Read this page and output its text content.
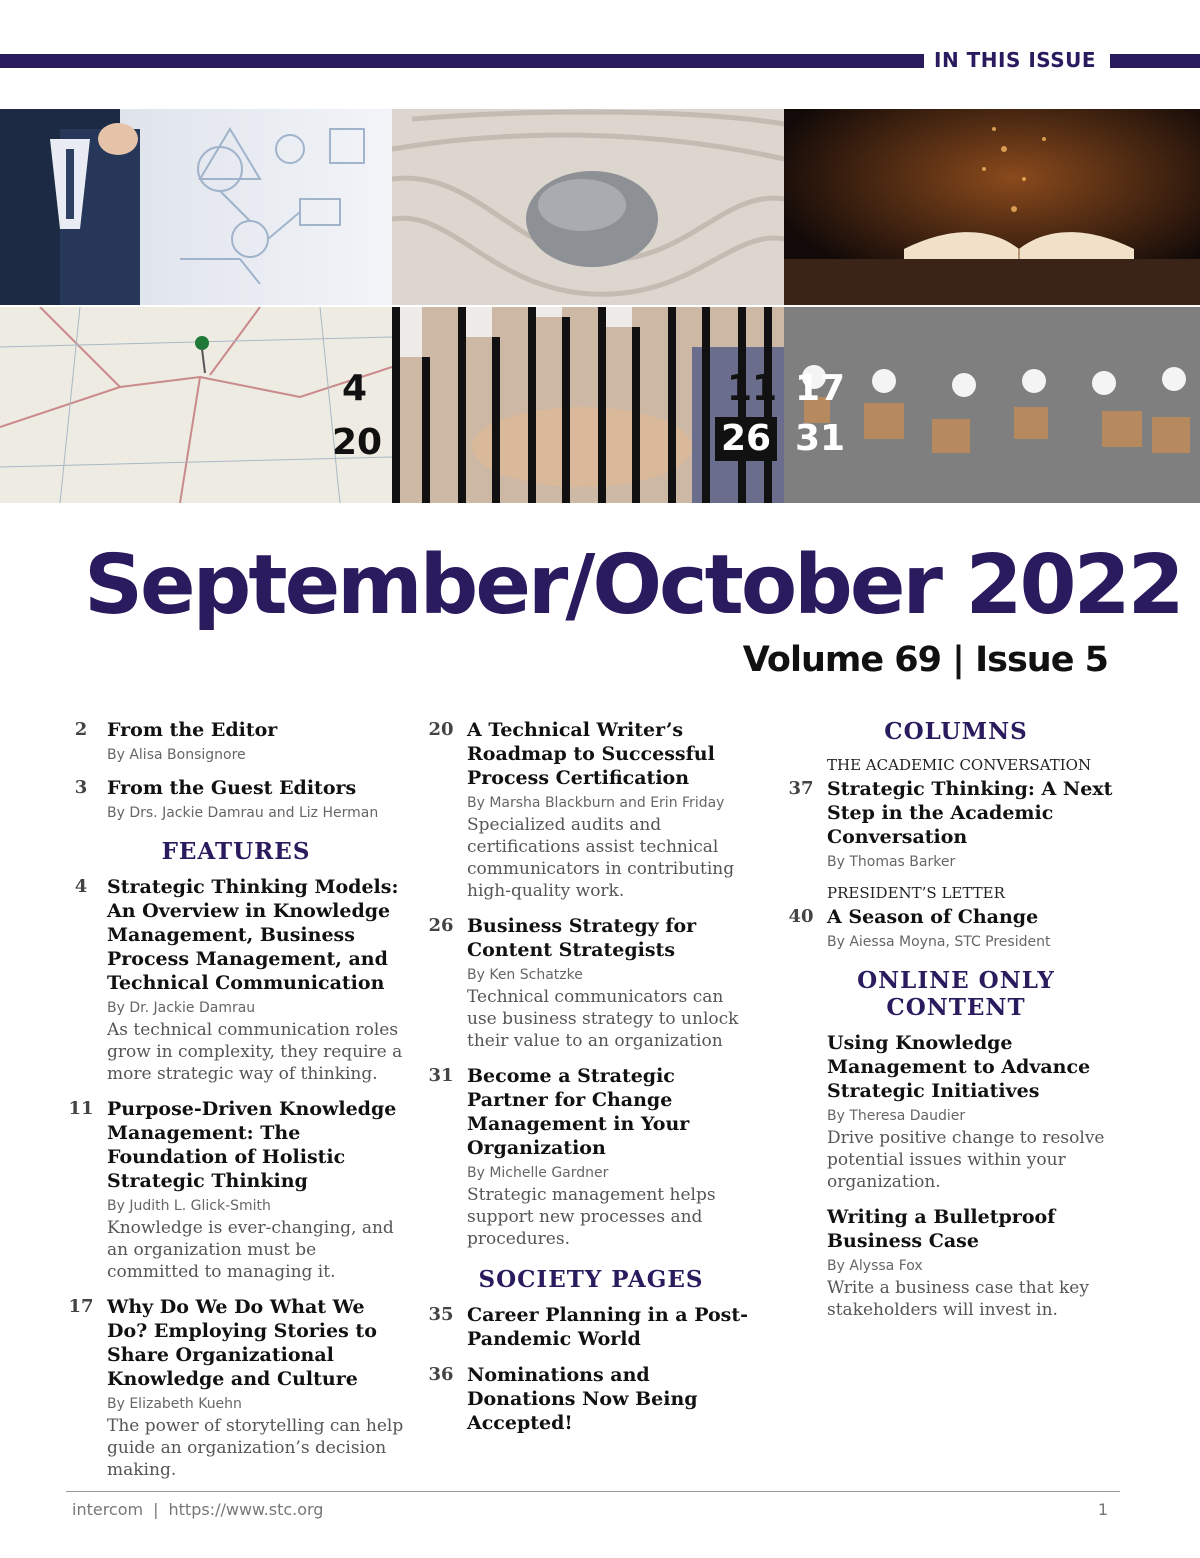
IN THIS ISSUE
4	11 17
20	26 31
September/October 2022
Volume 69 | Issue 5
2	From the Editor
By Alisa Bonsignore
3	From the Guest Editors
By Drs. Jackie Damrau and Liz Herman
FEATURES
4	Strategic Thinking Models: An Overview in Knowledge Management, Business Process Management, and Technical Communication
By Dr. Jackie Damrau
As technical communication roles grow in complexity, they require a more strategic way of thinking.
11 Purpose-Driven Knowledge Management: The Foundation of Holistic Strategic Thinking
By Judith L. Glick-Smith
Knowledge is ever-changing, and an organization must be committed to managing it.
17 Why Do We Do What We Do? Employing Stories to Share Organizational Knowledge and Culture
By Elizabeth Kuehn
The power of storytelling can help guide an organization’s decision making.
20 A Technical Writer’s Roadmap to Successful Process Certification
By Marsha Blackburn and Erin Friday
Specialized audits and certifications assist technical communicators in contributing high-quality work.
26 Business Strategy for Content Strategists
By Ken Schatzke
Technical communicators can use business strategy to unlock their value to an organization
31 Become a Strategic Partner for Change Management in Your Organization
By Michelle Gardner
Strategic management helps support new processes and procedures.
SOCIETY PAGES
35 Career Planning in a Post-Pandemic World
36 Nominations and Donations Now Being Accepted!
COLUMNS
THE ACADEMIC CONVERSATION
37 Strategic Thinking: A Next Step in the Academic Conversation
By Thomas Barker
PRESIDENT’S LETTER
40 A Season of Change
By Aiessa Moyna, STC President
ONLINE ONLY CONTENT
Using Knowledge Management to Advance Strategic Initiatives
By Theresa Daudier
Drive positive change to resolve potential issues within your organization.
Writing a Bulletproof Business Case
By Alyssa Fox
Write a business case that key stakeholders will invest in.
intercom | https://www.stc.org	1
